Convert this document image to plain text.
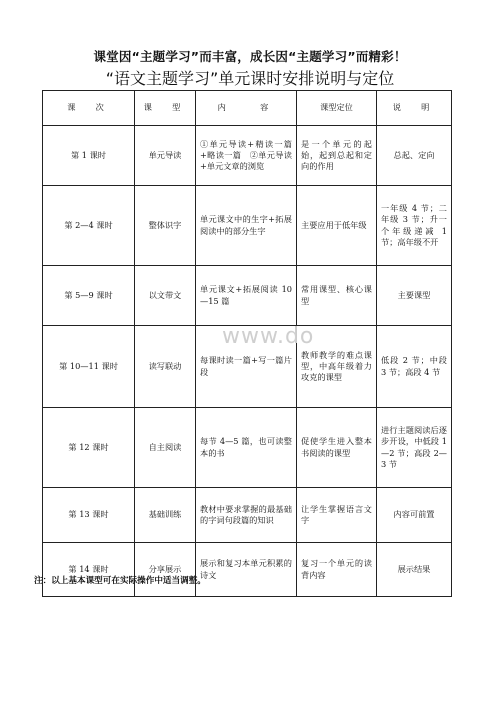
课堂因“主题学习”而丰富，成长因“主题学习”而精彩！
“语文主题学习”单元课时安排说明与定位
课　次	课　型	内　　容	课型定位	说　明
第 1 课时	单元导读	①单元导读+精读一篇+略读一篇　②单元导读+单元文章的浏览	是一个单元的起始，起到总起和定向的作用	总起、定向
第 2—4 课时	整体识字	单元课文中的生字+拓展阅读中的部分生字	主要应用于低年级	一年级 4 节；二年级 3 节；升一个年级递减 1 节；高年级不开
第 5—9 课时	以文带文	单元课文+拓展阅读 10—15 篇	常用课型、核心课型	主要课型
第 10—11 课时	读写联动	每课时读一篇+写一篇片段	教师教学的难点课型，中高年级着力攻克的课型	低段 2 节；中段 3 节；高段 4 节
第 12 课时	自主阅读	每节 4—5 篇，也可读整本的书	促使学生进入整本书阅读的课型	进行主题阅读后逐步开设，中低段 1—2 节；高段 2—3 节
第 13 课时	基础训练	教材中要求掌握的最基础的字词句段篇的知识	让学生掌握语言文字	内容可前置
第 14 课时	分享展示	展示和复习本单元积累的诗文	复习一个单元的读背内容	展示结果
www.do
注：以上基本课型可在实际操作中适当调整。
